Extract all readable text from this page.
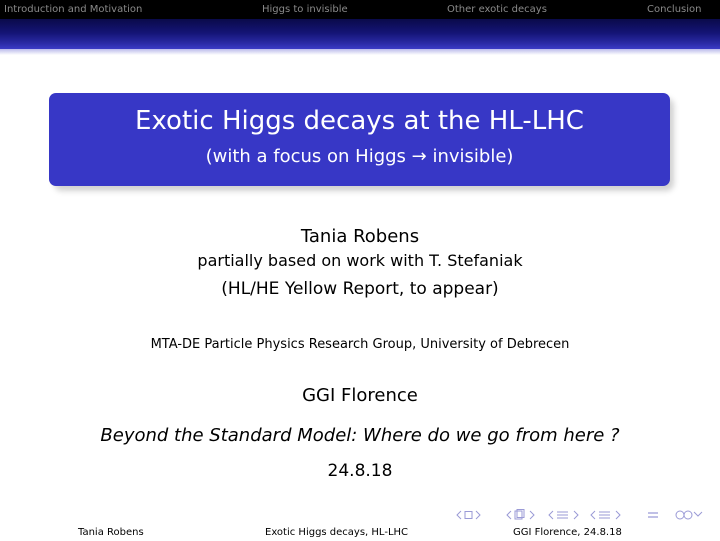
Introduction and Motivation	Higgs to invisible	Other exotic decays	Conclusion
Exotic Higgs decays at the HL-LHC
(with a focus on Higgs → invisible)
Tania Robens
partially based on work with T. Stefaniak
(HL/HE Yellow Report, to appear)
MTA-DE Particle Physics Research Group, University of Debrecen
GGI Florence
Beyond the Standard Model: Where do we go from here ?
24.8.18
Tania Robens	Exotic Higgs decays, HL-LHC	GGI Florence, 24.8.18
